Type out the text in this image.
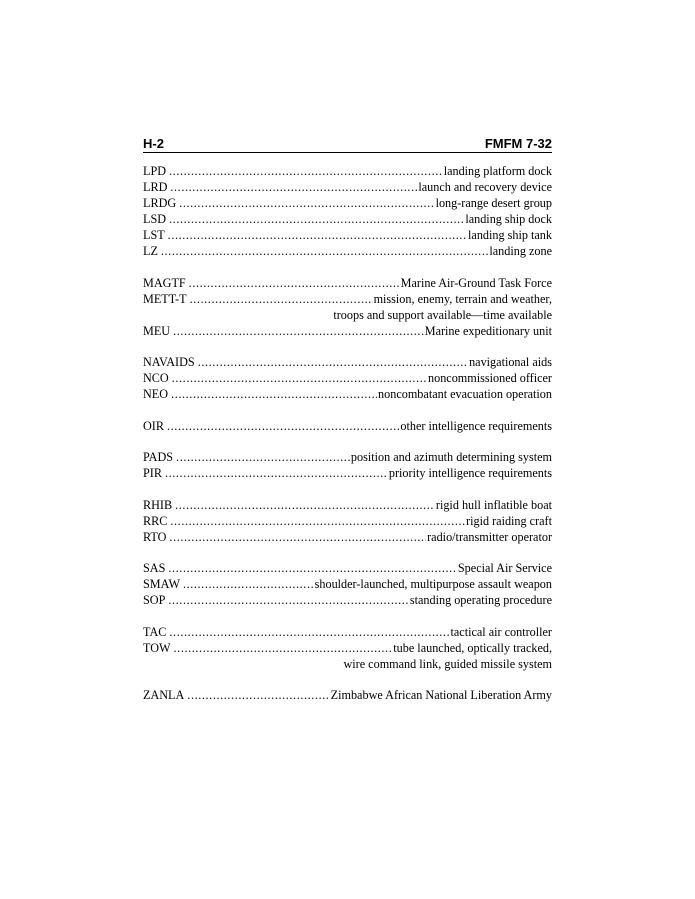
H-2	FMFM 7-32
LPD .....	landing platform dock
LRD .....	launch and recovery device
LRDG .....	long-range desert group
LSD .....	landing ship dock
LST .....	landing ship tank
LZ .....	landing zone
MAGTF .....	Marine Air-Ground Task Force
METT-T .....	mission, enemy, terrain and weather,
troops and support available—time available
MEU .....	Marine expeditionary unit
NAVAIDS .....	navigational aids
NCO .....	noncommissioned officer
NEO .....	noncombatant evacuation operation
OIR .....	other intelligence requirements
PADS .....	position and azimuth determining system
PIR .....	priority intelligence requirements
RHIB .....	rigid hull inflatible boat
RRC .....	rigid raiding craft
RTO .....	radio/transmitter operator
SAS .....	Special Air Service
SMAW .....	shoulder-launched, multipurpose assault weapon
SOP .....	standing operating procedure
TAC .....	tactical air controller
TOW .....	tube launched, optically tracked,
wire command link, guided missile system
ZANLA .....	Zimbabwe African National Liberation Army
